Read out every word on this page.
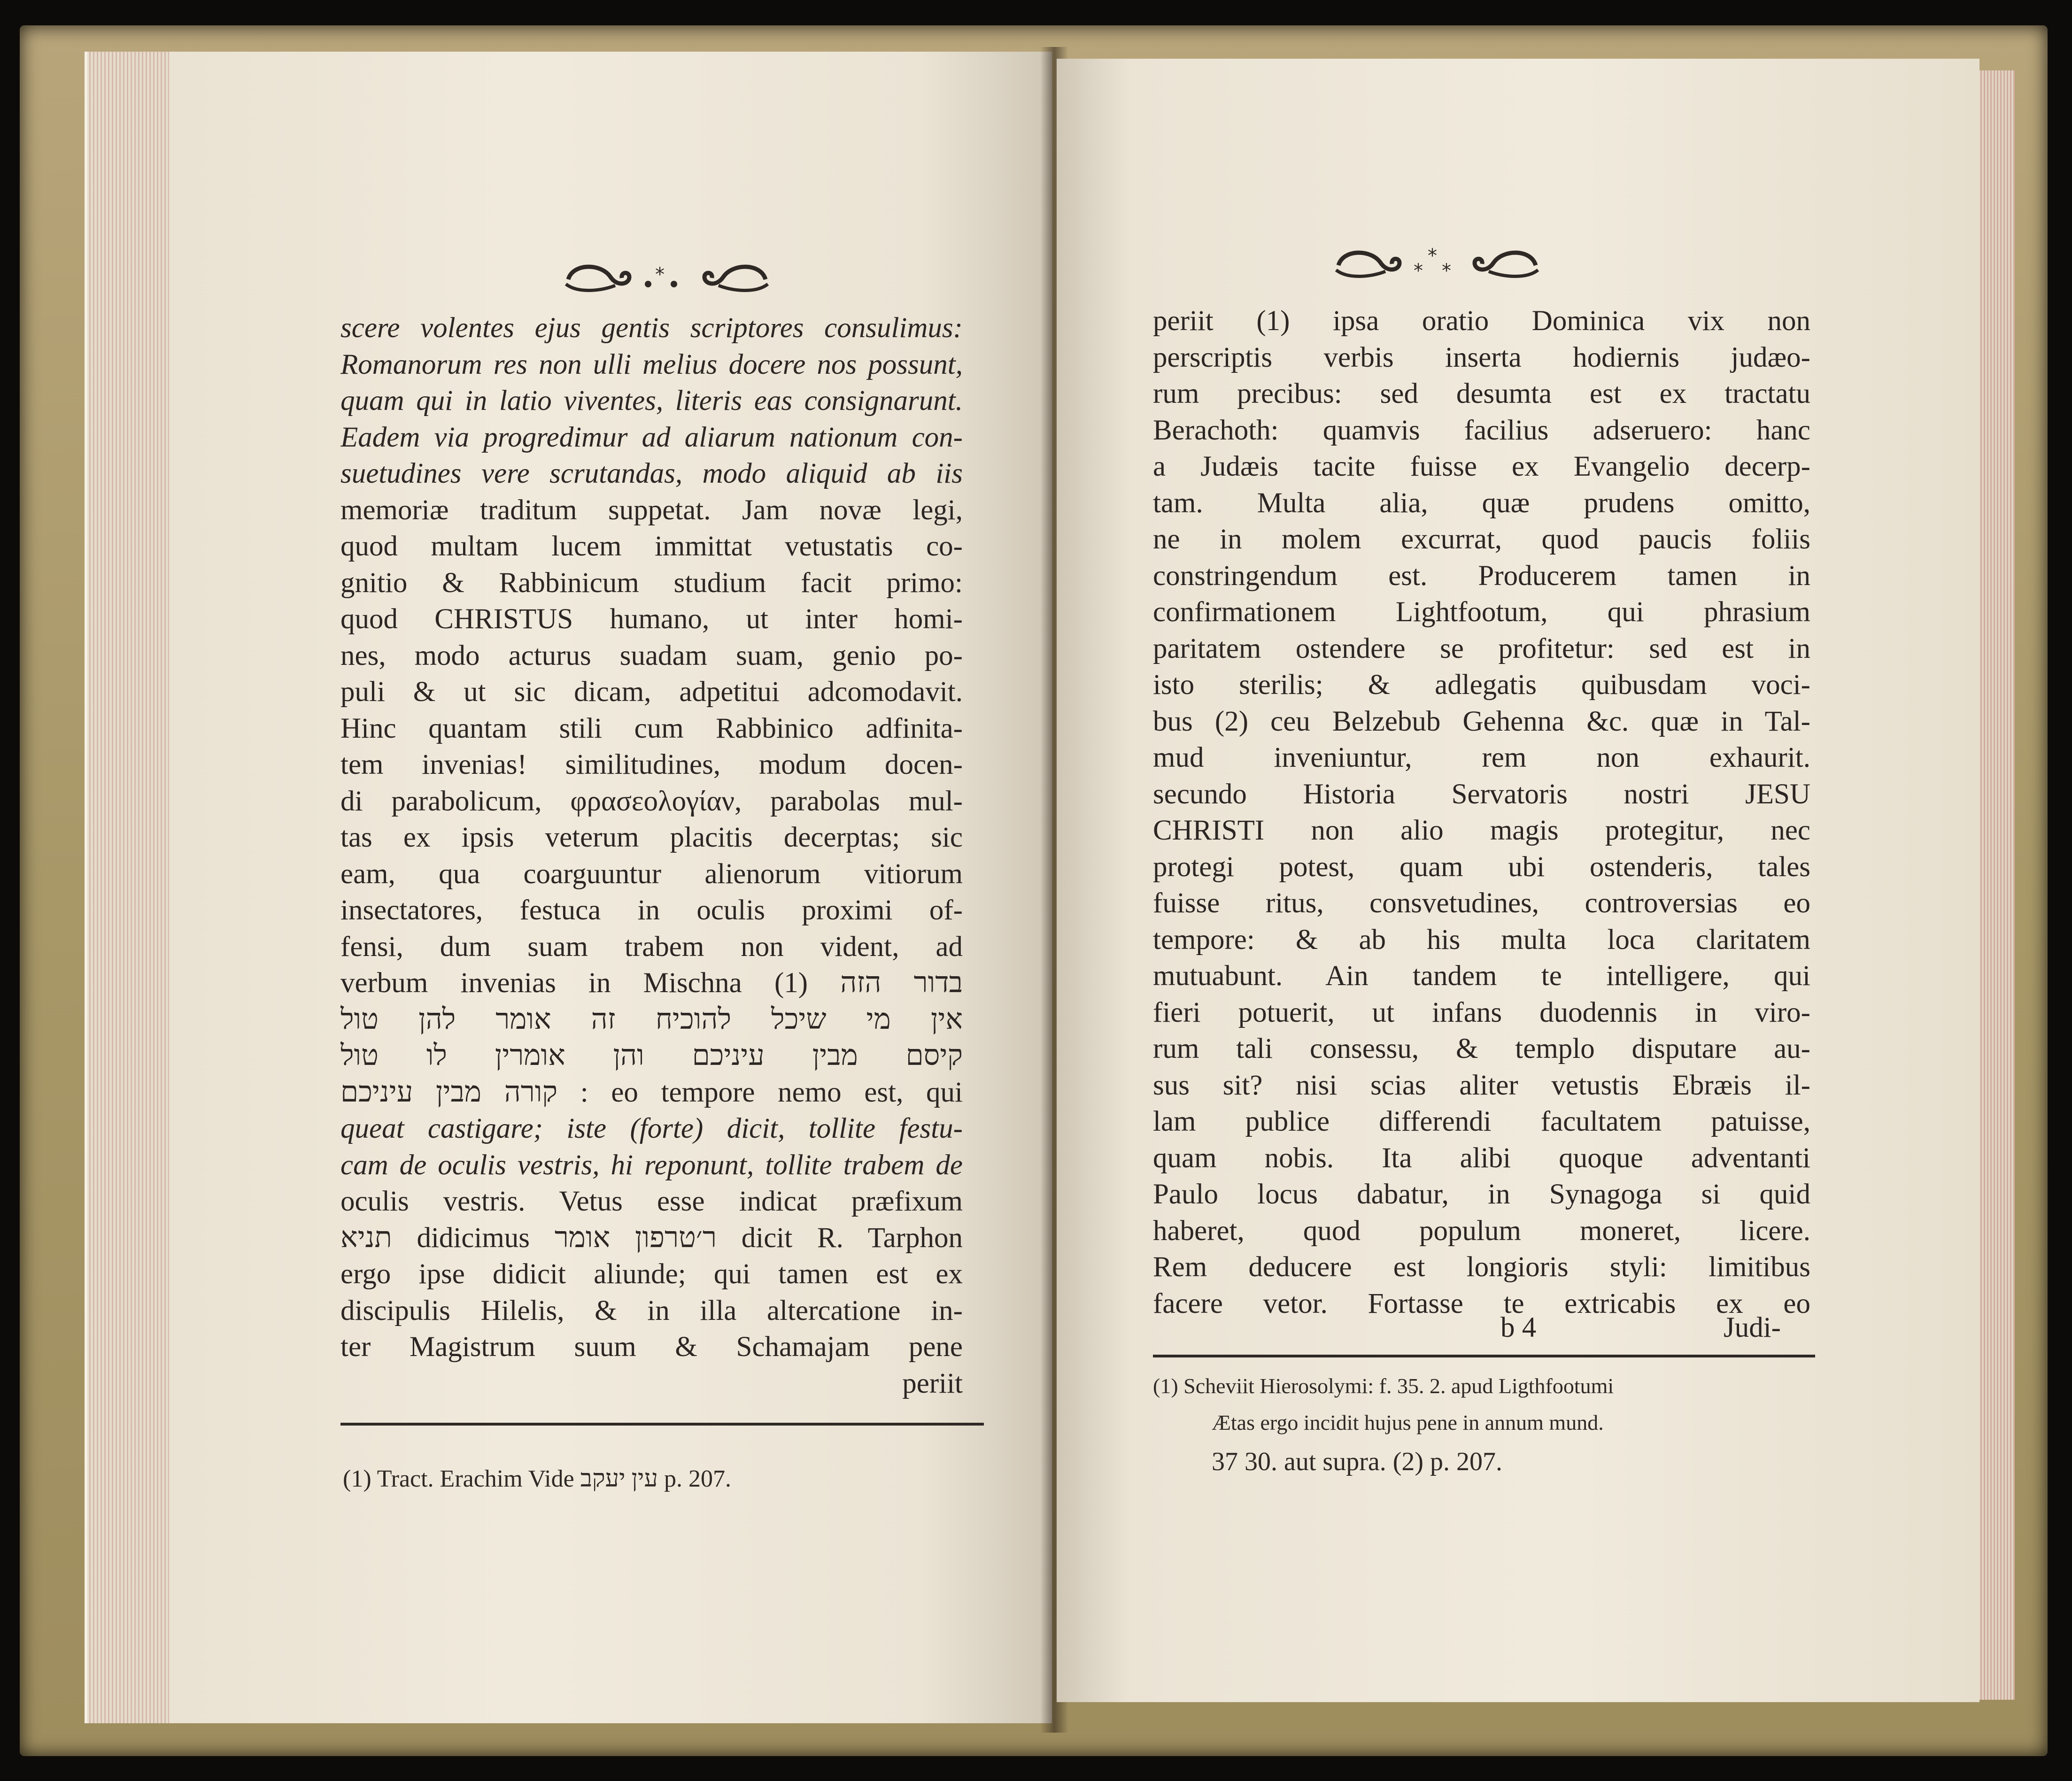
*
scere volentes ejus gentis scriptores consulimus:
Romanorum res non ulli melius docere nos possunt,
quam qui in latio viventes, literis eas consignarunt.
Eadem via progredimur ad aliarum nationum con-
suetudines vere scrutandas, modo aliquid ab iis
memoriæ traditum suppetat. Jam novæ legi,
quod multam lucem immittat vetustatis co-
gnitio & Rabbinicum studium facit primo:
quod CHRISTUS humano, ut inter homi-
nes, modo acturus suadam suam, genio po-
puli & ut sic dicam, adpetitui adcomodavit.
Hinc quantam stili cum Rabbinico adfinita-
tem invenias! similitudines, modum docen-
di parabolicum, φρασεολογίαν, parabolas mul-
tas ex ipsis veterum placitis decerptas; sic
eam, qua coarguuntur alienorum vitiorum
insectatores, festuca in oculis proximi of-
fensi, dum suam trabem non vident, ad
verbum invenias in Mischna (1) בדור הזה
אין מי שיכל להוכיח זה אומר להן טול
קיסם מבין עיניכם והן אומרין לו טול
קורה מבין עיניכם : eo tempore nemo est, qui
queat castigare; iste (forte) dicit, tollite festu-
cam de oculis vestris, hi reponunt, tollite trabem de
oculis vestris. Vetus esse indicat præfixum
תניא didicimus ר׳טרפון אומר dicit R. Tarphon
ergo ipse didicit aliunde; qui tamen est ex
discipulis Hilelis, & in illa altercatione in-
ter Magistrum suum & Schamajam pene
periit
(1) Tract. Erachim Vide עין יעקב p. 207.
*
*
*
periit (1) ipsa oratio Dominica vix non
perscriptis verbis inserta hodiernis judæo-
rum precibus: sed desumta est ex tractatu
Berachoth: quamvis facilius adseruero: hanc
a Judæis tacite fuisse ex Evangelio decerp-
tam. Multa alia, quæ prudens omitto,
ne in molem excurrat, quod paucis foliis
constringendum est. Producerem tamen in
confirmationem Lightfootum, qui phrasium
paritatem ostendere se profitetur: sed est in
isto sterilis; & adlegatis quibusdam voci-
bus (2) ceu Belzebub Gehenna &c. quæ in Tal-
mud inveniuntur, rem non exhaurit.
secundo Historia Servatoris nostri JESU
CHRISTI non alio magis protegitur, nec
protegi potest, quam ubi ostenderis, tales
fuisse ritus, consvetudines, controversias eo
tempore: & ab his multa loca claritatem
mutuabunt. Ain tandem te intelligere, qui
fieri potuerit, ut infans duodennis in viro-
rum tali consessu, & templo disputare au-
sus sit? nisi scias aliter vetustis Ebræis il-
lam publice differendi facultatem patuisse,
quam nobis. Ita alibi quoque adventanti
Paulo locus dabatur, in Synagoga si quid
haberet, quod populum moneret, licere.
Rem deducere est longioris styli: limitibus
facere vetor. Fortasse te extricabis ex eo
b 4	Judi-
(1) Scheviit Hierosolymi: f. 35. 2. apud Ligthfootumi
Ætas ergo incidit hujus pene in annum mund.
37 30. aut supra. (2) p. 207.
